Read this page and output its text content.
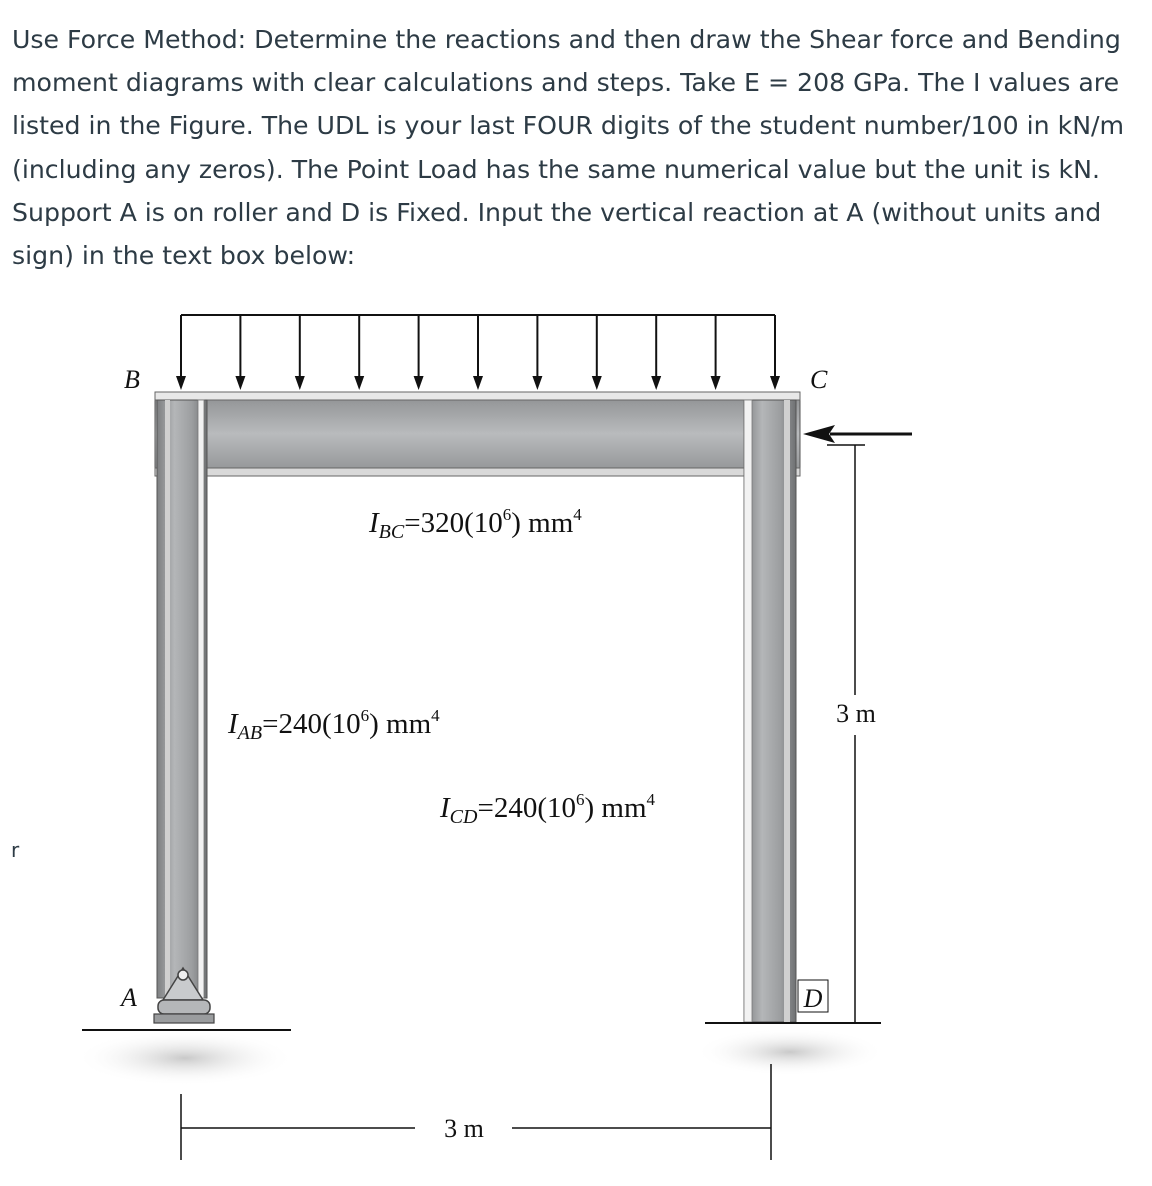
Use Force Method: Determine the reactions and then draw the Shear force and Bending
moment diagrams with clear calculations and steps. Take E = 208 GPa. The I values are
listed in the Figure. The UDL is your last FOUR digits of the student number/100 in kN/m
(including any zeros). The Point Load has the same numerical value but the unit is kN.
Support A is on roller and D is Fixed. Input the vertical reaction at A (without units and
sign) in the text box below:
r
3 m
3 m
B	C
A	D
$I_{BC}=320(10^6)$ $mm^4$
$I_{AB}=240(10^6)$ $mm^4$
$I_{CD}=240(10^6)$ $mm^4$
